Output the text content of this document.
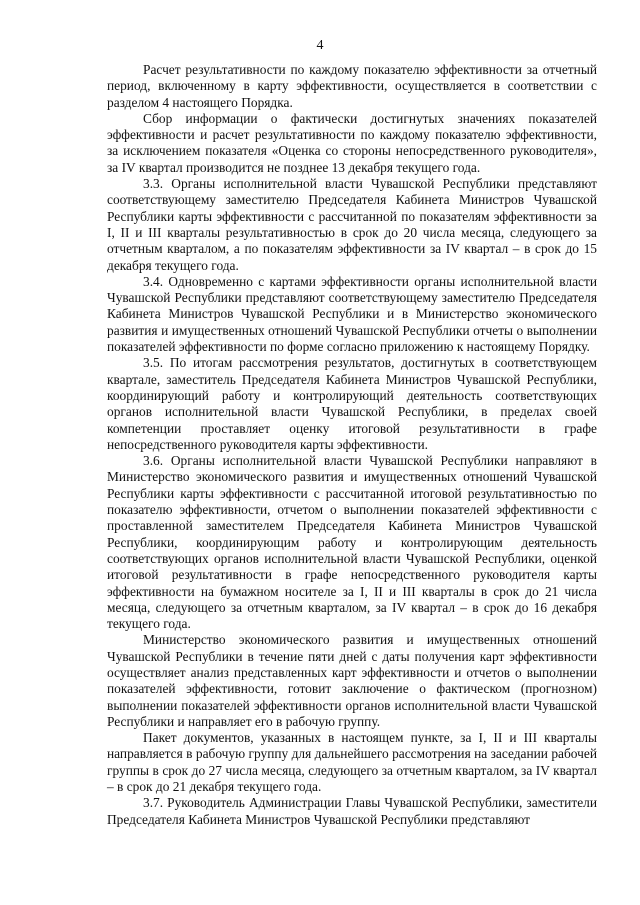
4

Расчет результативности по каждому показателю эффективности за отчетный период, включенному в карту эффективности, осуществляется в соответствии с разделом 4 настоящего Порядка.

Сбор информации о фактически достигнутых значениях показателей эффективности и расчет результативности по каждому показателю эффективности, за исключением показателя «Оценка со стороны непосредственного руководителя», за IV квартал производится не позднее 13 декабря текущего года.

3.3. Органы исполнительной власти Чувашской Республики представляют соответствующему заместителю Председателя Кабинета Министров Чувашской Республики карты эффективности с рассчитанной по показателям эффективности за I, II и III кварталы результативностью в срок до 20 числа месяца, следующего за отчетным кварталом, а по показателям эффективности за IV квартал – в срок до 15 декабря текущего года.

3.4. Одновременно с картами эффективности органы исполнительной власти Чувашской Республики представляют соответствующему заместителю Председателя Кабинета Министров Чувашской Республики и в Министерство экономического развития и имущественных отношений Чувашской Республики отчеты о выполнении показателей эффективности по форме согласно приложению к настоящему Порядку.

3.5. По итогам рассмотрения результатов, достигнутых в соответствующем квартале, заместитель Председателя Кабинета Министров Чувашской Республики, координирующий работу и контролирующий деятельность соответствующих органов исполнительной власти Чувашской Республики, в пределах своей компетенции проставляет оценку итоговой результативности в графе непосредственного руководителя карты эффективности.

3.6. Органы исполнительной власти Чувашской Республики направляют в Министерство экономического развития и имущественных отношений Чувашской Республики карты эффективности с рассчитанной итоговой результативностью по показателю эффективности, отчетом о выполнении показателей эффективности с проставленной заместителем Председателя Кабинета Министров Чувашской Республики, координирующим работу и контролирующим деятельность соответствующих органов исполнительной власти Чувашской Республики, оценкой итоговой результативности в графе непосредственного руководителя карты эффективности на бумажном носителе за I, II и III кварталы в срок до 21 числа месяца, следующего за отчетным кварталом, за IV квартал – в срок до 16 декабря текущего года.

Министерство экономического развития и имущественных отношений Чувашской Республики в течение пяти дней с даты получения карт эффективности осуществляет анализ представленных карт эффективности и отчетов о выполнении показателей эффективности, готовит заключение о фактическом (прогнозном) выполнении показателей эффективности органов исполнительной власти Чувашской Республики и направляет его в рабочую группу.

Пакет документов, указанных в настоящем пункте, за I, II и III кварталы направляется в рабочую группу для дальнейшего рассмотрения на заседании рабочей группы в срок до 27 числа месяца, следующего за отчетным кварталом, за IV квартал – в срок до 21 декабря текущего года.

3.7. Руководитель Администрации Главы Чувашской Республики, заместители Председателя Кабинета Министров Чувашской Республики представляют
